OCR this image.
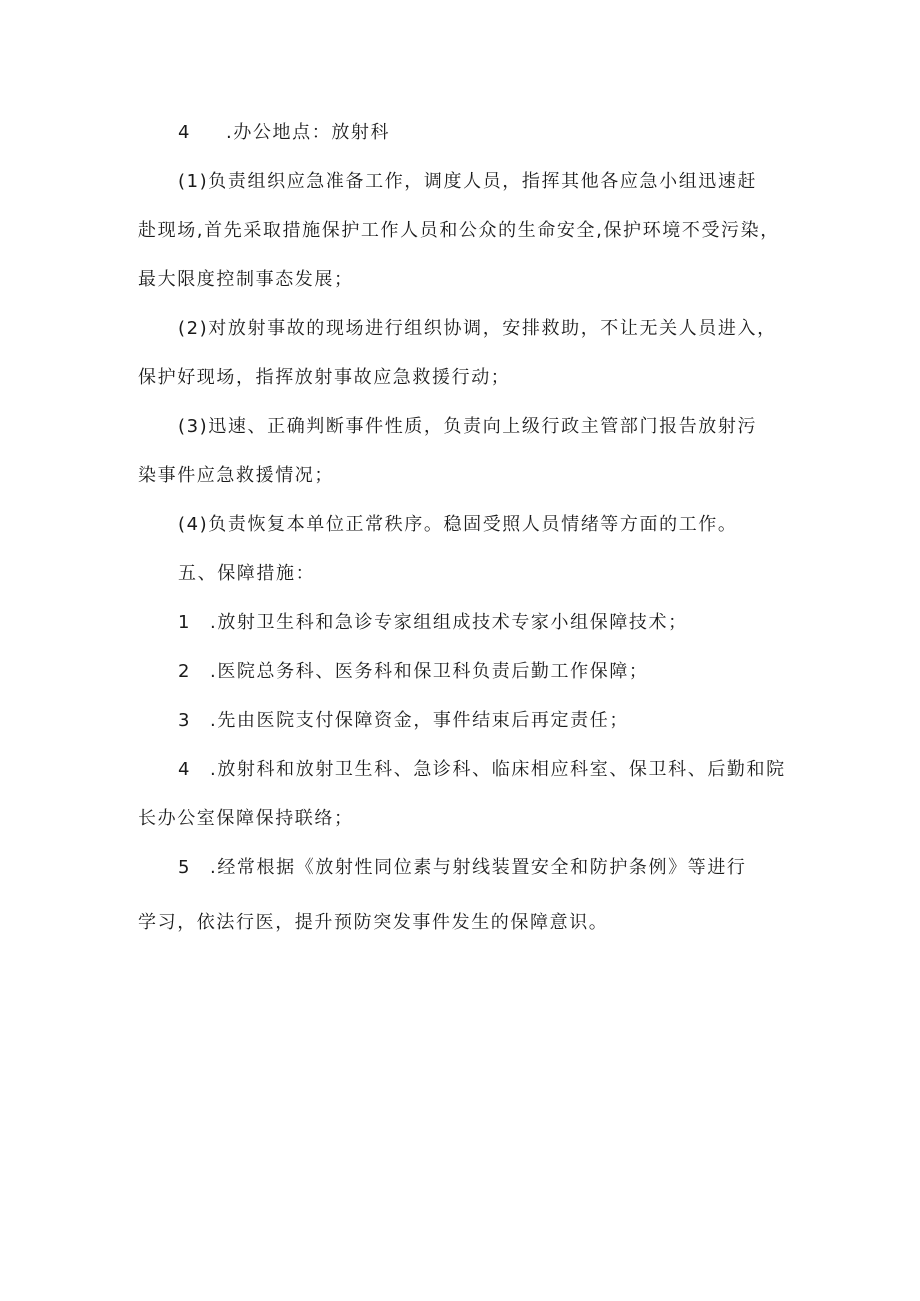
4 .办公地点：放射科
(1)负责组织应急准备工作，调度人员，指挥其他各应急小组迅速赶
赴现场,首先采取措施保护工作人员和公众的生命安全,保护环境不受污染，
最大限度控制事态发展；
(2)对放射事故的现场进行组织协调，安排救助，不让无关人员进入，
保护好现场，指挥放射事故应急救援行动；
(3)迅速、正确判断事件性质，负责向上级行政主管部门报告放射污
染事件应急救援情况；
(4)负责恢复本单位正常秩序。稳固受照人员情绪等方面的工作。
五、保障措施：
1 .放射卫生科和急诊专家组组成技术专家小组保障技术；
2 .医院总务科、医务科和保卫科负责后勤工作保障；
3 .先由医院支付保障资金，事件结束后再定责任；
4 .放射科和放射卫生科、急诊科、临床相应科室、保卫科、后勤和院
长办公室保障保持联络；
5 .经常根据《放射性同位素与射线装置安全和防护条例》等进行
学习，依法行医，提升预防突发事件发生的保障意识。
